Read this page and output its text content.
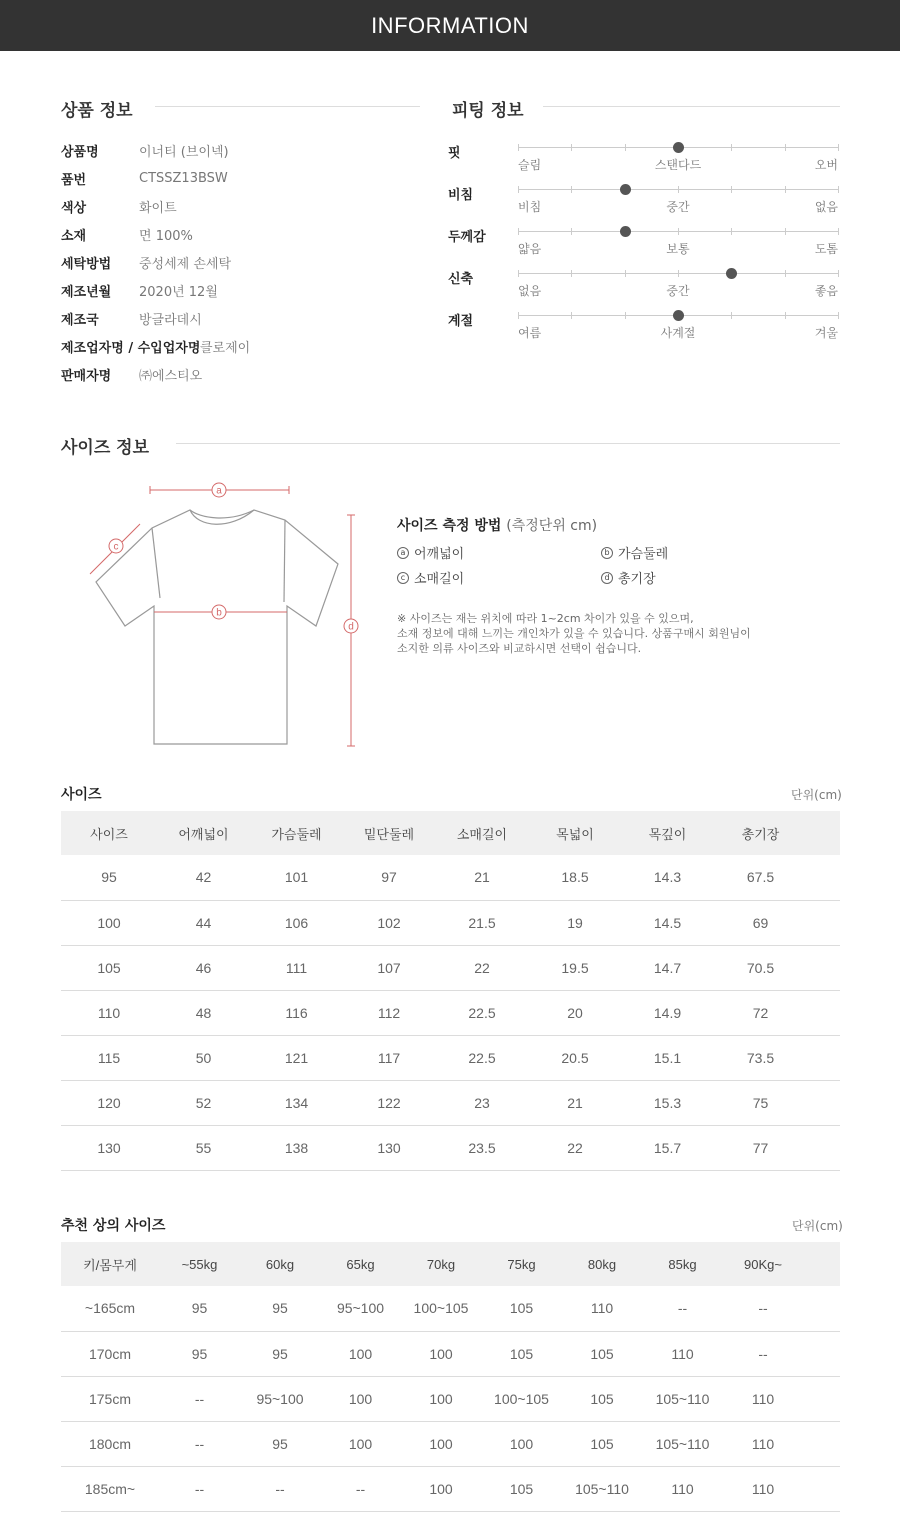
INFORMATION
상품 정보
상품명	이너티 (브이넥)
품번	CTSSZ13BSW
색상	화이트
소재	면 100%
세탁방법 중성세제 손세탁
제조년월 2020년 12월
제조국	방글라데시
제조업자명 / 수입업자명 클로제이
판매자명 ㈜에스티오
피팅 정보
핏
슬림	스탠다드	오버
비침
비침	중간	없음
두께감
얇음	보통	도톰
신축
없음	중간	좋음
계절
여름	사계절	겨울
사이즈 정보
a
b
c
d
사이즈 측정 방법 (측정단위 cm)
a 어깨넓이	b 가슴둘레
c 소매길이	d 총기장
※ 사이즈는 재는 위치에 따라 1~2cm 차이가 있을 수 있으며,
소재 정보에 대해 느끼는 개인차가 있을 수 있습니다. 상품구매시 회원님이
소지한 의류 사이즈와 비교하시면 선택이 쉽습니다.
사이즈	단위(cm)
사이즈	어깨넓이	가슴둘레	밑단둘레	소매길이	목넓이	목깊이	총기장	
95	42	101	97	21	18.5	14.3	67.5	
100	44	106	102	21.5	19	14.5	69	
105	46	111	107	22	19.5	14.7	70.5	
110	48	116	112	22.5	20	14.9	72	
115	50	121	117	22.5	20.5	15.1	73.5	
120	52	134	122	23	21	15.3	75	
130	55	138	130	23.5	22	15.7	77	
추천 상의 사이즈	단위(cm)
키/몸무게	~55kg	60kg	65kg	70kg	75kg	80kg	85kg	90Kg~	
~165cm	95	95	95~100	100~105	105	110	--	--	
170cm	95	95	100	100	105	105	110	--	
175cm	--	95~100	100	100	100~105	105	105~110	110	
180cm	--	95	100	100	100	105	105~110	110	
185cm~	--	--	--	100	105	105~110	110	110	
